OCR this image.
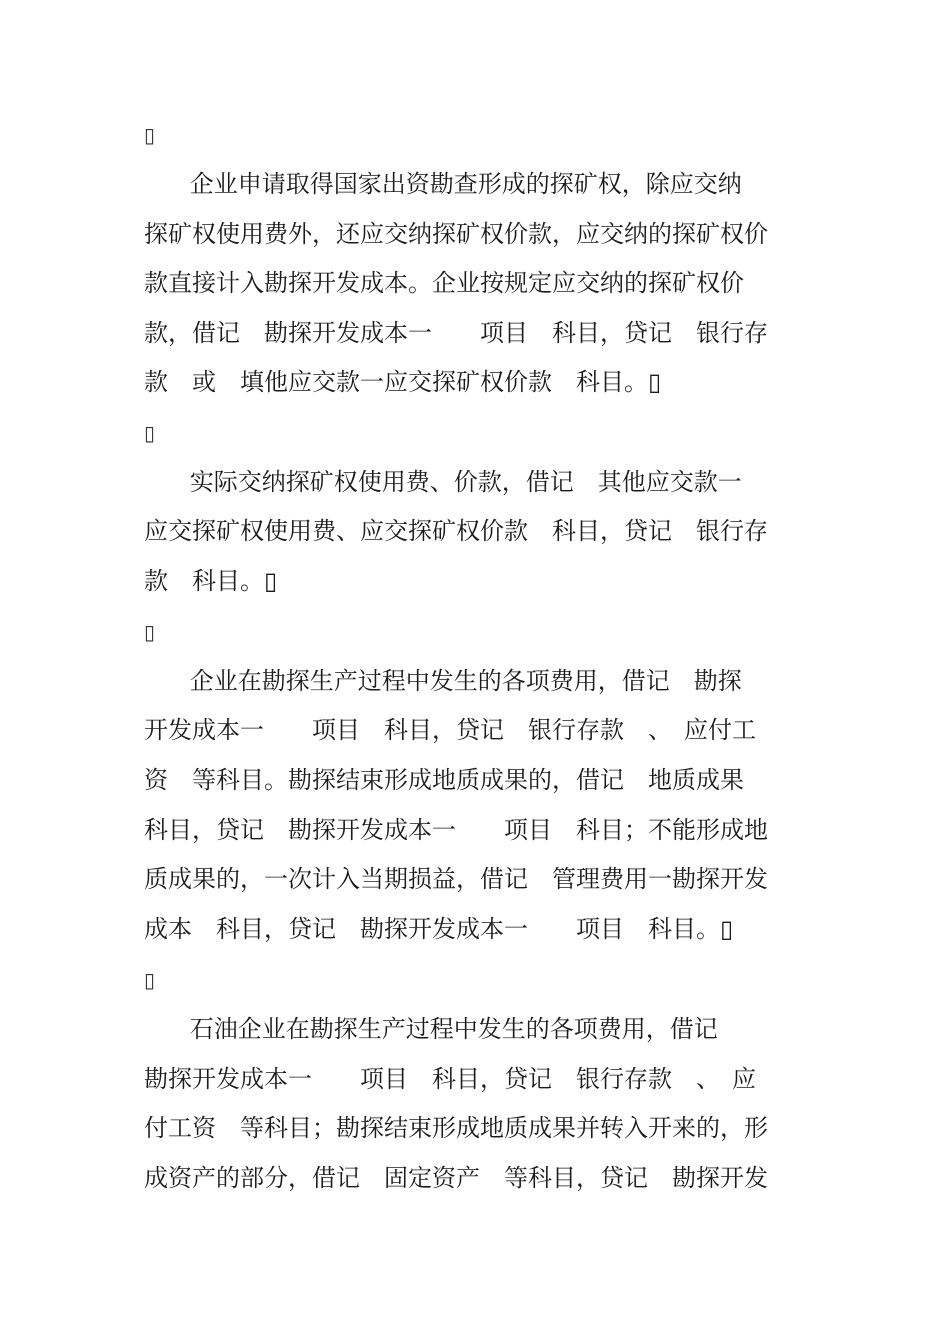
▯
企业申请取得国家出资勘查形成的探矿权，除应交纳
探矿权使用费外，还应交纳探矿权价款，应交纳的探矿权价
款直接计入勘探开发成本。企业按规定应交纳的探矿权价
款，借记　勘探开发成本一　　项目　科目，贷记　银行存
款　或　填他应交款一应交探矿权价款　科目。▯
▯
实际交纳探矿权使用费、价款，借记　其他应交款一
应交探矿权使用费、应交探矿权价款　科目，贷记　银行存
款　科目。▯
▯
企业在勘探生产过程中发生的各项费用，借记　勘探
开发成本一　　项目　科目，贷记　银行存款　、　应付工
资　等科目。勘探结束形成地质成果的，借记　地质成果
科目，贷记　勘探开发成本一　　项目　科目；不能形成地
质成果的，一次计入当期损益，借记　管理费用一勘探开发
成本　科目，贷记　勘探开发成本一　　项目　科目。▯
▯
石油企业在勘探生产过程中发生的各项费用，借记
勘探开发成本一　　项目　科目，贷记　银行存款　、　应
付工资　等科目；勘探结束形成地质成果并转入开来的，形
成资产的部分，借记　固定资产　等科目，贷记　勘探开发
